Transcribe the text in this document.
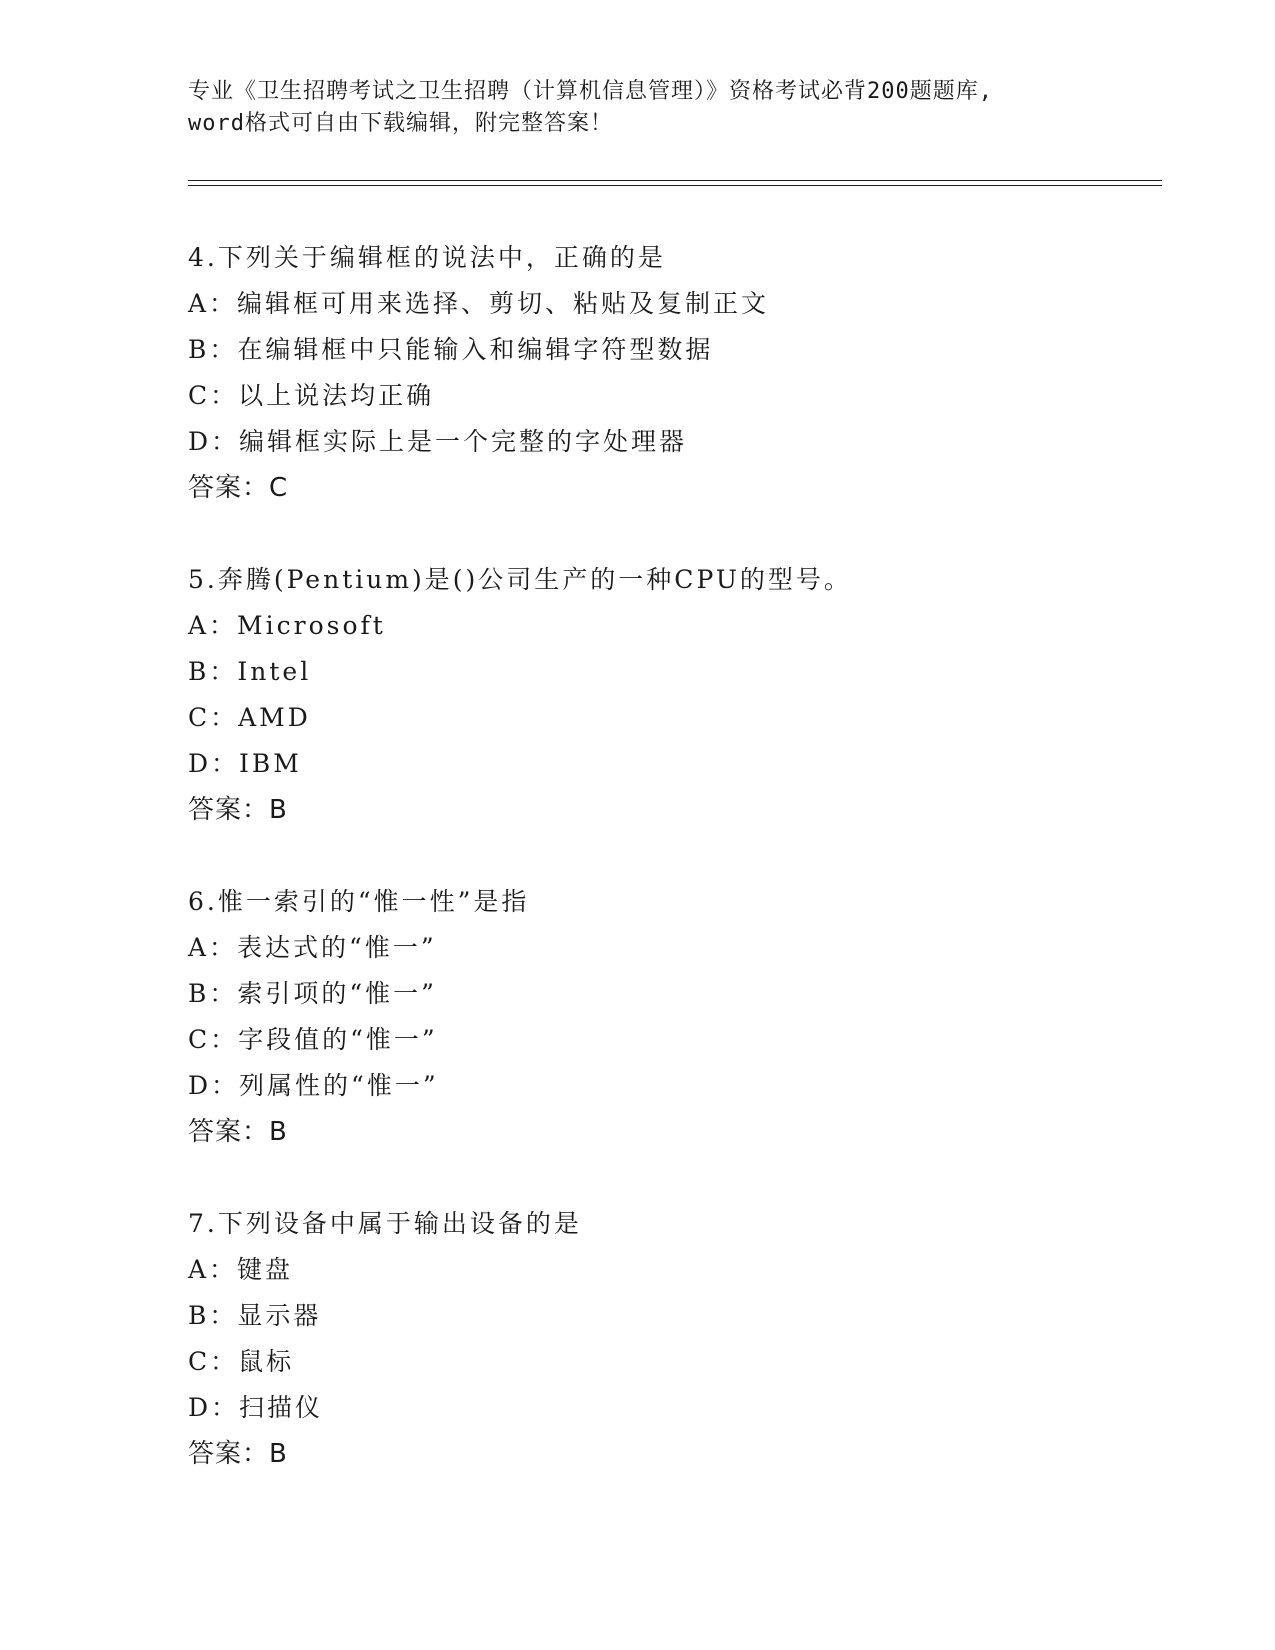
专业《卫生招聘考试之卫生招聘（计算机信息管理）》资格考试必背200题题库,
word格式可自由下载编辑，附完整答案！
4.下列关于编辑框的说法中，正确的是
A：编辑框可用来选择、剪切、粘贴及复制正文
B：在编辑框中只能输入和编辑字符型数据
C：以上说法均正确
D：编辑框实际上是一个完整的字处理器
答案：C
5.奔腾(Pentium)是()公司生产的一种CPU的型号。
A：Microsoft
B：Intel
C：AMD
D：IBM
答案：B
6.惟一索引的“惟一性”是指
A：表达式的“惟一”
B：索引项的“惟一”
C：字段值的“惟一”
D：列属性的“惟一”
答案：B
7.下列设备中属于输出设备的是
A：键盘
B：显示器
C：鼠标
D：扫描仪
答案：B
